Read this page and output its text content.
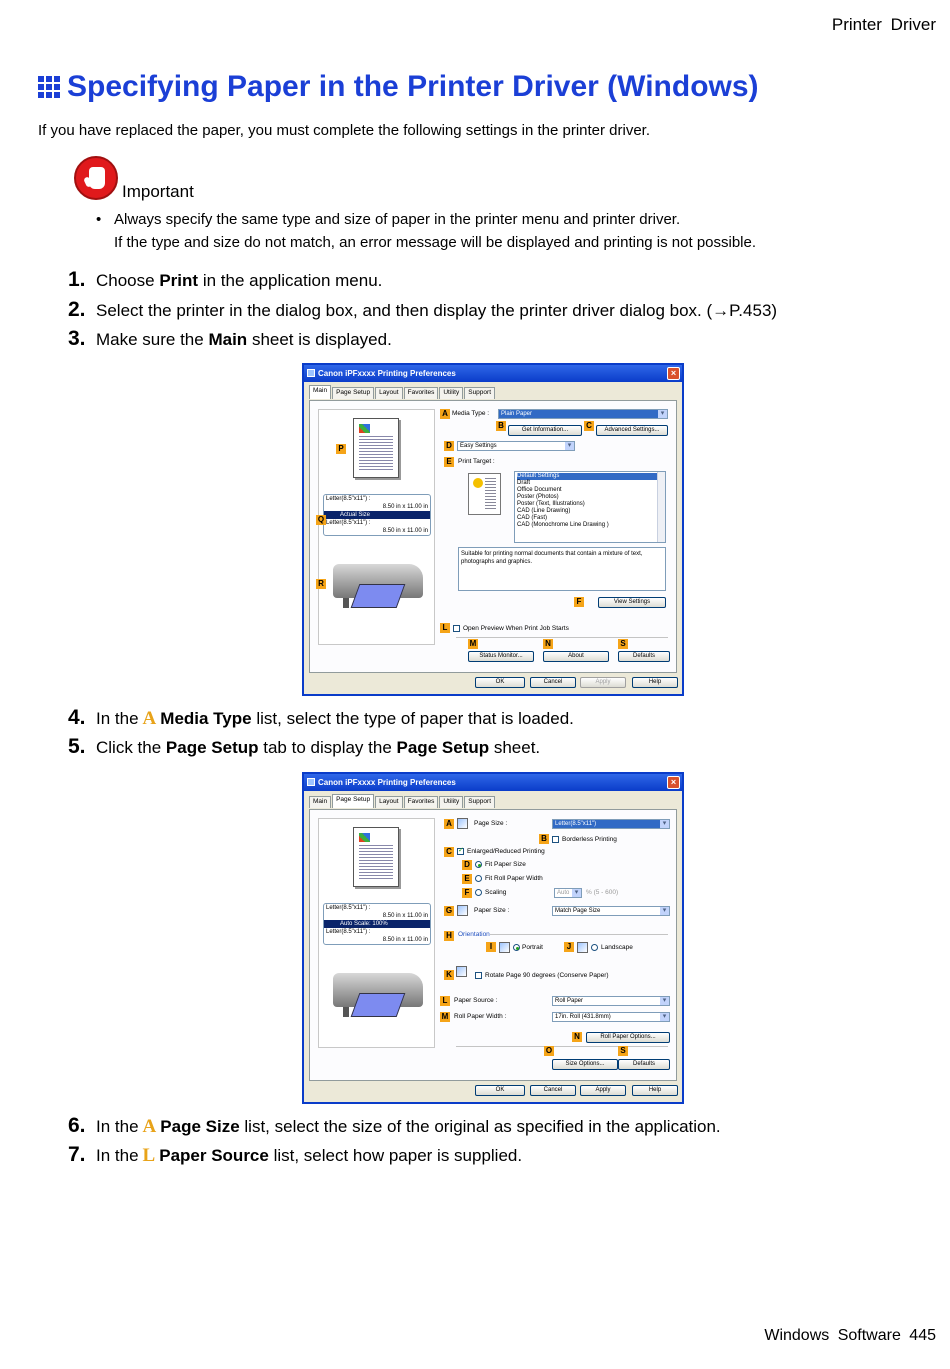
Printer Driver
Specifying Paper in the Printer Driver (Windows)
If you have replaced the paper, you must complete the following settings in the printer driver.
Important
• Always specify the same type and size of paper in the printer menu and printer driver.
If the type and size do not match, an error message will be displayed and printing is not possible.
1. Choose
Print
in the application menu.
2. Select the printer in the dialog box, and then display the printer driver dialog box.
(→P.453)
3. Make sure the
Main
sheet is displayed.
Canon iPFxxxx Printing Preferences	×
Main	Page Setup	Layout	Favorites	Utility	Support
P
Letter(8.5"x11") :
8.50 in x 11.00 in
Actual Size
Letter(8.5"x11") :
8.50 in x 11.00 in
Q
R
A Media Type :	Plain Paper ▾
B	Get Information...	C	Advanced Settings...
D	Easy Settings ▾
E Print Target :
Default Settings
Draft
Office Document
Poster (Photos)
Poster (Text, Illustrations)
CAD (Line Drawing)
CAD (Fast)
CAD (Monochrome Line Drawing )
Suitable for printing normal documents that contain a mixture of text, photographs and graphics.
F	View Settings
L	Open Preview When Print Job Starts
M	N	S
Status Monitor...	About	Defaults
OK	Cancel	Apply	Help
4. In the A Media Type
list, select the type of paper that is loaded.
5. Click the
Page Setup
tab to display the
Page Setup
sheet.
Canon iPFxxxx Printing Preferences	×
Main	Page Setup	Layout	Favorites	Utility	Support
Letter(8.5"x11") :
8.50 in x 11.00 in
Auto Scale: 100%
Letter(8.5"x11") :
8.50 in x 11.00 in
A	Page Size :	Letter(8.5"x11") ▾
B	Borderless Printing
C
✓	Enlarged/Reduced Printing
D	Fit Paper Size
E	Fit Roll Paper Width
F	Scaling	Auto ▾	% (5 - 600)
G	Paper Size :	Match Page Size ▾
H Orientation
I	Portrait	J	Landscape
K	Rotate Page 90 degrees (Conserve Paper)
L	Paper Source :	Roll Paper ▾
M Roll Paper Width :	17in. Roll (431.8mm) ▾
N	Roll Paper Options...
O	S
Size Options...	Defaults
OK	Cancel	Apply	Help
6. In the A Page Size
list, select the size of the original as specified in the application.
7. In the L Paper Source
list, select how paper is supplied.
Windows Software 445
